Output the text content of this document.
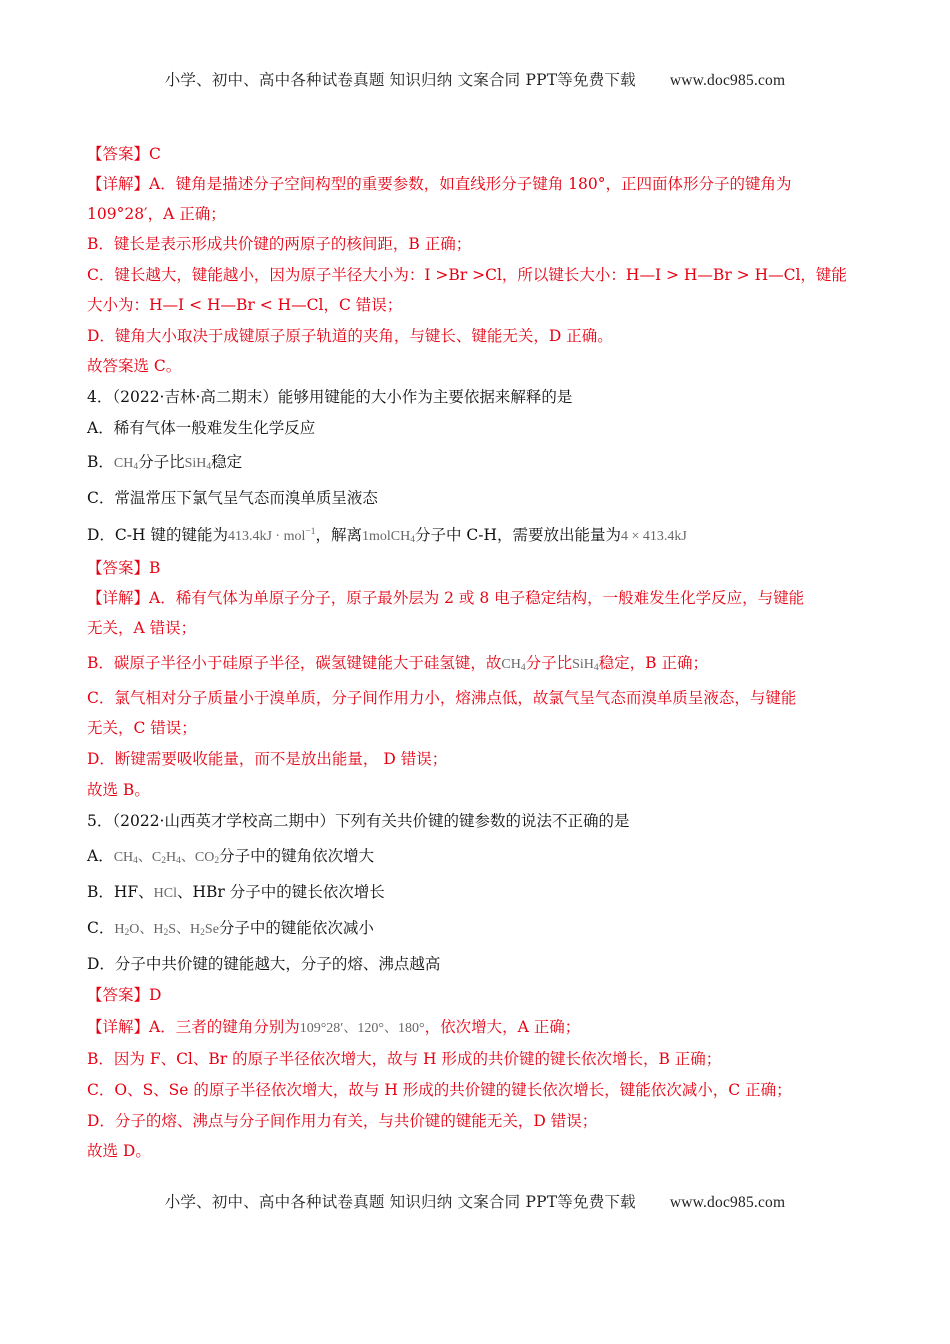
小学、初中、高中各种试卷真题 知识归纳 文案合同 PPT等免费下载 www.doc985.com
【答案】C
【详解】A．键角是描述分子空间构型的重要参数，如直线形分子键角 180°，正四面体形分子的键角为
109°28′，A 正确；
B．键长是表示形成共价键的两原子的核间距，B 正确；
C．键长越大，键能越小，因为原子半径大小为：I >Br >Cl，所以键长大小：H—I > H—Br > H—Cl，键能
大小为：H—I < H—Br < H—Cl，C 错误；
D．键角大小取决于成键原子原子轨道的夹角，与键长、键能无关，D 正确。
故答案选 C。
4．（2022·吉林·高二期末）能够用键能的大小作为主要依据来解释的是
A．稀有气体一般难发生化学反应
B．$CH_4$分子比SiH$_4$稳定
C．常温常压下氯气呈气态而溴单质呈液态
D．C-H 键的键能为413.4kJ · mol$^{-1}$，解离1molCH$_4$分子中 C-H，需要放出能量为4 × 413.4kJ
【答案】B
【详解】A．稀有气体为单原子分子，原子最外层为 2 或 8 电子稳定结构，一般难发生化学反应，与键能
无关，A 错误；
B．碳原子半径小于硅原子半径，碳氢键键能大于硅氢键，故$CH_4$分子比SiH$_4$稳定，B 正确；
C．氯气相对分子质量小于溴单质，分子间作用力小，熔沸点低，故氯气呈气态而溴单质呈液态，与键能
无关，C 错误；
D．断键需要吸收能量，而不是放出能量， D 错误；
故选 B。
5．（2022·山西英才学校高二期中）下列有关共价键的键参数的说法不正确的是
A．$CH_4$、$C_2H_4$、$CO_2$分子中的键角依次增大
B．HF、HCl、HBr 分子中的键长依次增长
C．$H_2O$、$H_2S$、$H_2Se$分子中的键能依次减小
D．分子中共价键的键能越大，分子的熔、沸点越高
【答案】D
【详解】A．三者的键角分别为109°28′、120°、180°，依次增大，A 正确；
B．因为 F、Cl、Br 的原子半径依次增大，故与 H 形成的共价键的键长依次增长，B 正确；
C．O、S、Se 的原子半径依次增大，故与 H 形成的共价键的键长依次增长，键能依次减小，C 正确；
D．分子的熔、沸点与分子间作用力有关，与共价键的键能无关，D 错误；
故选 D。
小学、初中、高中各种试卷真题 知识归纳 文案合同 PPT等免费下载 www.doc985.com
